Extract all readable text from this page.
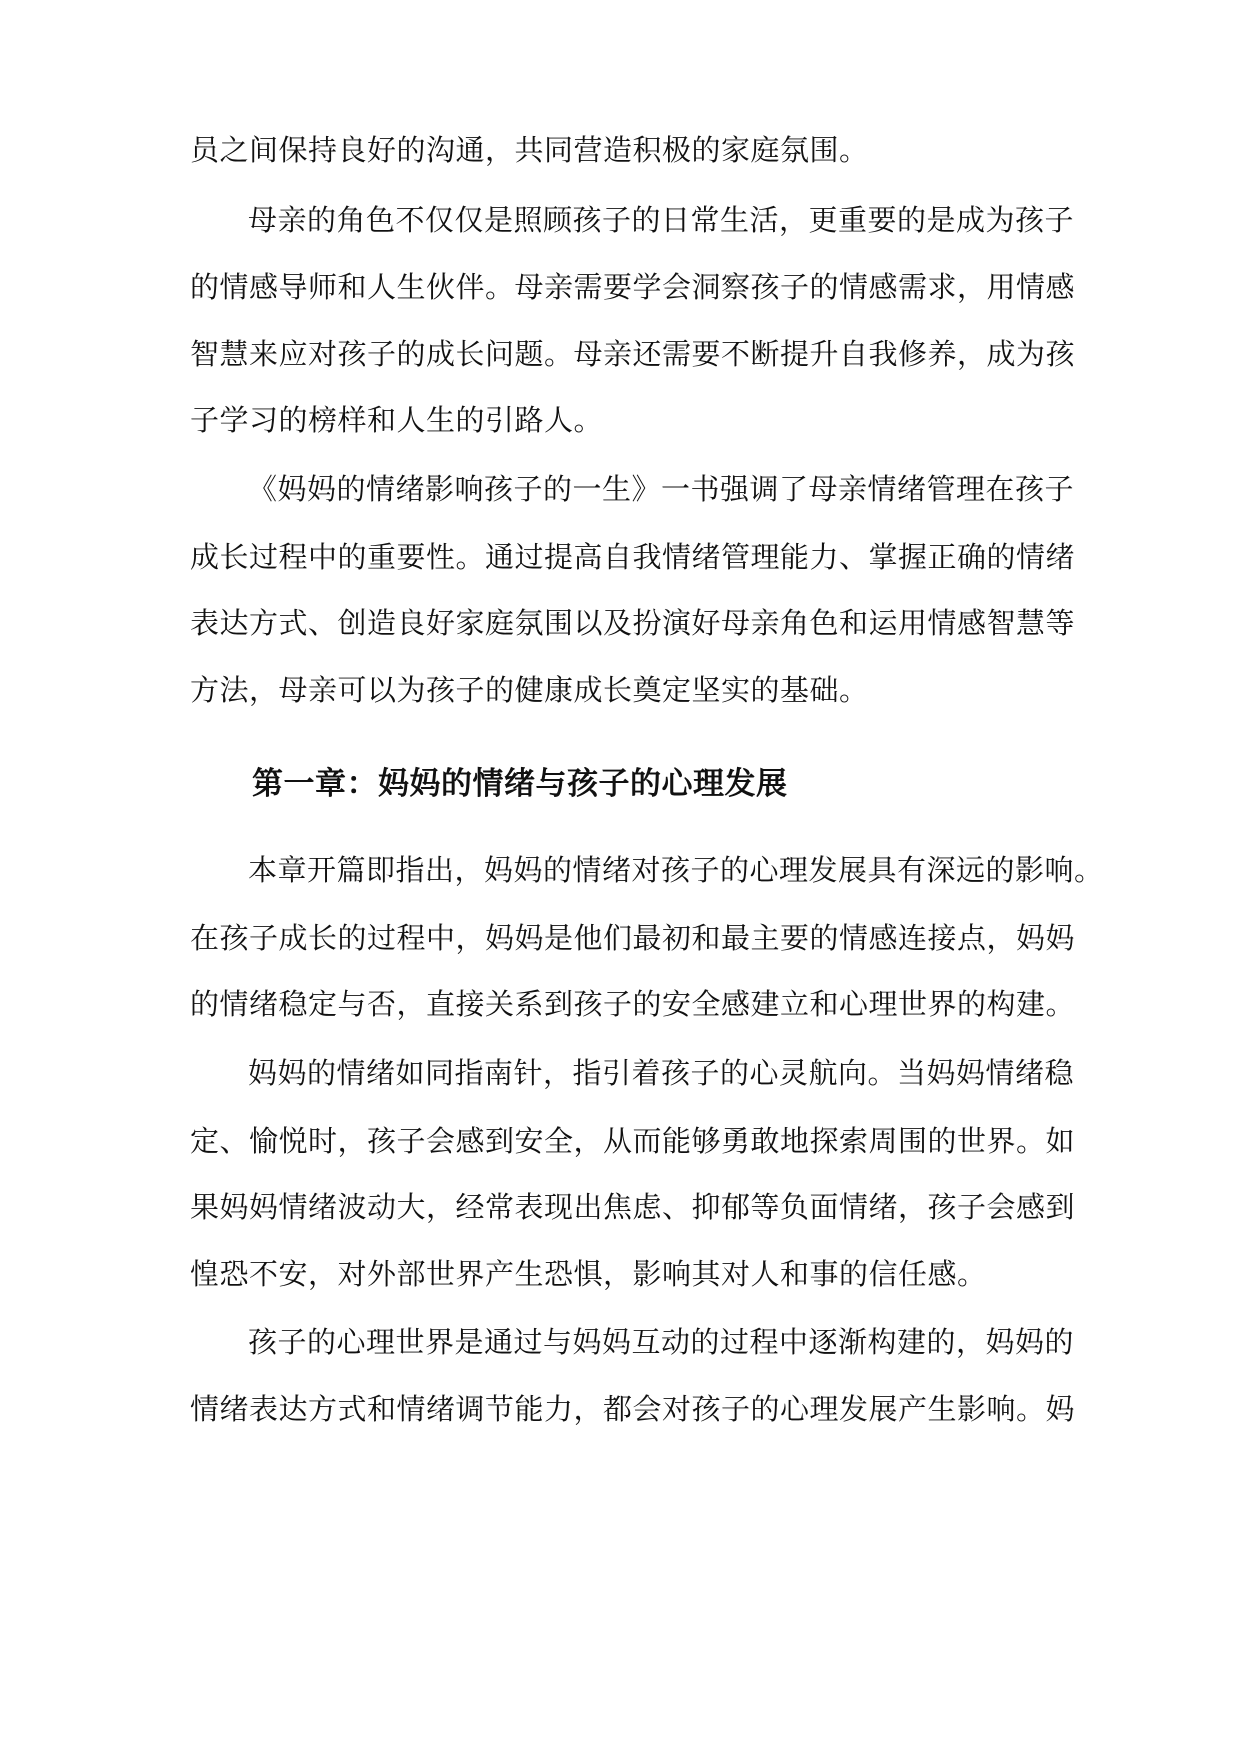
员之间保持良好的沟通，共同营造积极的家庭氛围。
母亲的角色不仅仅是照顾孩子的日常生活，更重要的是成为孩子
的情感导师和人生伙伴。母亲需要学会洞察孩子的情感需求，用情感
智慧来应对孩子的成长问题。母亲还需要不断提升自我修养，成为孩
子学习的榜样和人生的引路人。
《妈妈的情绪影响孩子的一生》一书强调了母亲情绪管理在孩子
成长过程中的重要性。通过提高自我情绪管理能力、掌握正确的情绪
表达方式、创造良好家庭氛围以及扮演好母亲角色和运用情感智慧等
方法，母亲可以为孩子的健康成长奠定坚实的基础。
第一章：妈妈的情绪与孩子的心理发展
本章开篇即指出，妈妈的情绪对孩子的心理发展具有深远的影响。
在孩子成长的过程中，妈妈是他们最初和最主要的情感连接点，妈妈
的情绪稳定与否，直接关系到孩子的安全感建立和心理世界的构建。
妈妈的情绪如同指南针，指引着孩子的心灵航向。当妈妈情绪稳
定、愉悦时，孩子会感到安全，从而能够勇敢地探索周围的世界。如
果妈妈情绪波动大，经常表现出焦虑、抑郁等负面情绪，孩子会感到
惶恐不安，对外部世界产生恐惧，影响其对人和事的信任感。
孩子的心理世界是通过与妈妈互动的过程中逐渐构建的，妈妈的
情绪表达方式和情绪调节能力，都会对孩子的心理发展产生影响。妈
